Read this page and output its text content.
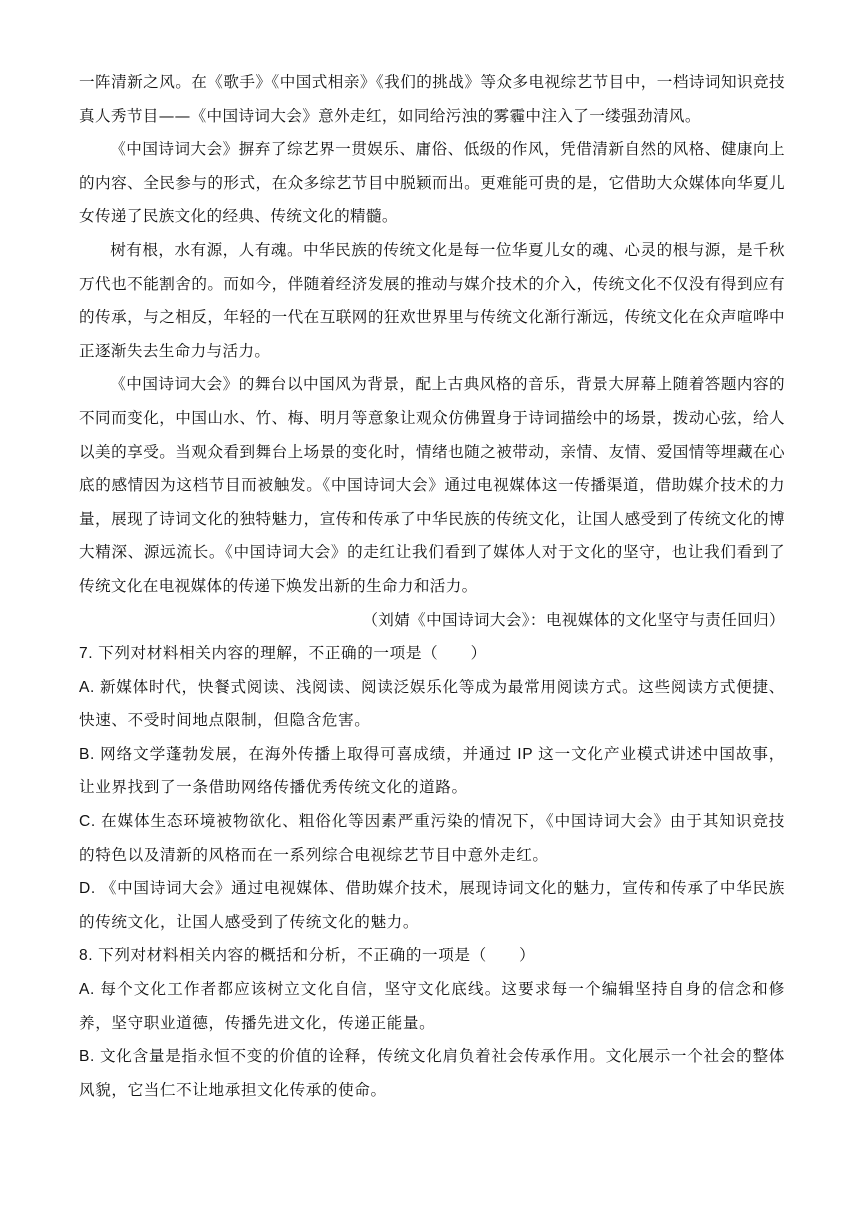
一阵清新之风。在《歌手》《中国式相亲》《我们的挑战》等众多电视综艺节目中，一档诗词知识竞技真人秀节目——《中国诗词大会》意外走红，如同给污浊的雾霾中注入了一缕强劲清风。

《中国诗词大会》摒弃了综艺界一贯娱乐、庸俗、低级的作风，凭借清新自然的风格、健康向上的内容、全民参与的形式，在众多综艺节目中脱颖而出。更难能可贵的是，它借助大众媒体向华夏儿女传递了民族文化的经典、传统文化的精髓。

树有根，水有源，人有魂。中华民族的传统文化是每一位华夏儿女的魂、心灵的根与源，是千秋万代也不能割舍的。而如今，伴随着经济发展的推动与媒介技术的介入，传统文化不仅没有得到应有的传承，与之相反，年轻的一代在互联网的狂欢世界里与传统文化渐行渐远，传统文化在众声喧哗中正逐渐失去生命力与活力。

《中国诗词大会》的舞台以中国风为背景，配上古典风格的音乐，背景大屏幕上随着答题内容的不同而变化，中国山水、竹、梅、明月等意象让观众仿佛置身于诗词描绘中的场景，拨动心弦，给人以美的享受。当观众看到舞台上场景的变化时，情绪也随之被带动，亲情、友情、爱国情等埋藏在心底的感情因为这档节目而被触发。《中国诗词大会》通过电视媒体这一传播渠道，借助媒介技术的力量，展现了诗词文化的独特魅力，宣传和传承了中华民族的传统文化，让国人感受到了传统文化的博大精深、源远流长。《中国诗词大会》的走红让我们看到了媒体人对于文化的坚守，也让我们看到了传统文化在电视媒体的传递下焕发出新的生命力和活力。

（刘婧《中国诗词大会》：电视媒体的文化坚守与责任回归）

7. 下列对材料相关内容的理解，不正确的一项是（　　）

A. 新媒体时代，快餐式阅读、浅阅读、阅读泛娱乐化等成为最常用阅读方式。这些阅读方式便捷、快速、不受时间地点限制，但隐含危害。

B. 网络文学蓬勃发展，在海外传播上取得可喜成绩，并通过 IP 这一文化产业模式讲述中国故事，让业界找到了一条借助网络传播优秀传统文化的道路。

C. 在媒体生态环境被物欲化、粗俗化等因素严重污染的情况下，《中国诗词大会》由于其知识竞技的特色以及清新的风格而在一系列综合电视综艺节目中意外走红。

D. 《中国诗词大会》通过电视媒体、借助媒介技术，展现诗词文化的魅力，宣传和传承了中华民族的传统文化，让国人感受到了传统文化的魅力。

8. 下列对材料相关内容的概括和分析，不正确的一项是（　　）

A. 每个文化工作者都应该树立文化自信，坚守文化底线。这要求每一个编辑坚持自身的信念和修养，坚守职业道德，传播先进文化，传递正能量。

B. 文化含量是指永恒不变的价值的诠释，传统文化肩负着社会传承作用。文化展示一个社会的整体风貌，它当仁不让地承担文化传承的使命。
